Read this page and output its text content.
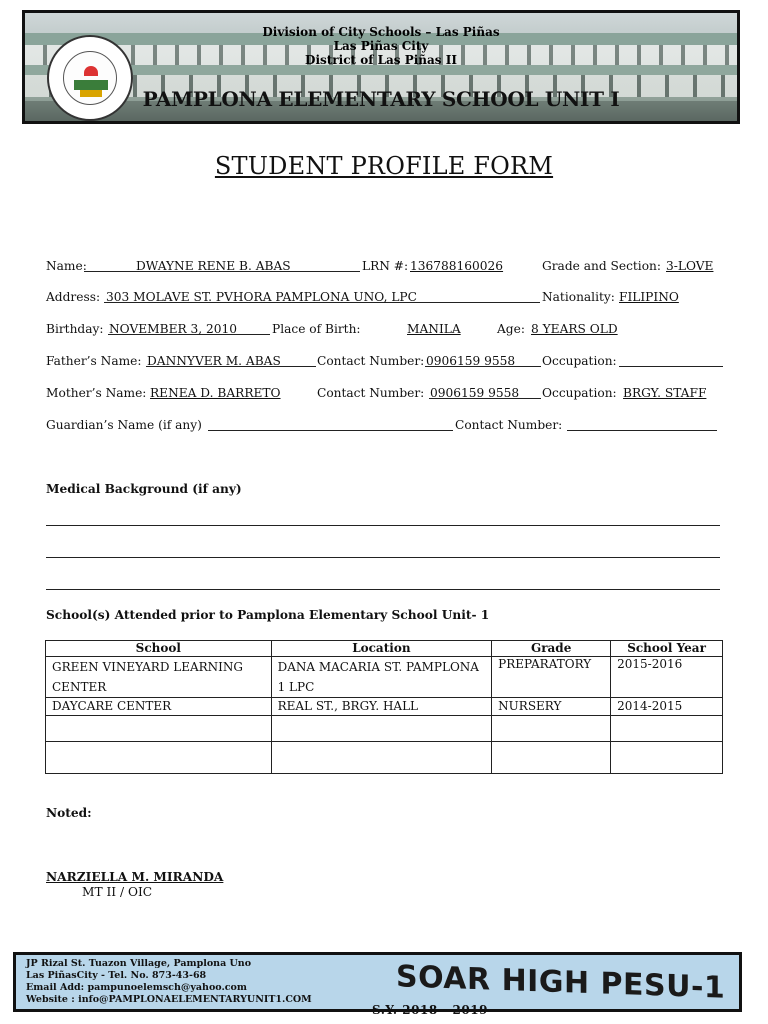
Division of City Schools – Las Piñas
Las Piñas City
District of Las Piñas II
PAMPLONA ELEMENTARY SCHOOL UNIT I
STUDENT PROFILE FORM
Name:	DWAYNE RENE B. ABAS	LRN #: 136788160026	Grade and Section: 3-LOVE
Address: 303 MOLAVE ST. PVHORA PAMPLONA UNO, LPC	Nationality: FILIPINO
Birthday: NOVEMBER 3, 2010	Place of Birth:	MANILA	Age: 8 YEARS OLD
Father’s Name: DANNYVER M. ABAS	Contact Number: 0906159 9558 Occupation:
Mother’s Name: RENEA D. BARRETO	Contact Number: 0906159 9558 Occupation: BRGY. STAFF
Guardian’s Name (if any)	Contact Number:
Medical Background (if any)
School(s) Attended prior to Pamplona Elementary School Unit- 1
School	Location	Grade	School Year
GREEN VINEYARD LEARNING CENTER	DANA MACARIA ST. PAMPLONA 1 LPC	PREPARATORY	2015-2016
DAYCARE CENTER	REAL ST., BRGY. HALL	NURSERY	2014-2015

Noted:
NARZIELLA M. MIRANDA
MT II / OIC
JP Rizal St. Tuazon Village, Pamplona Uno
Las PiñasCity - Tel. No. 873-43-68
Email Add: pampunoelemsch@yahoo.com
Website : info@PAMPLONAELEMENTARYUNIT1.COM	SOAR HIGH PESU-1
S.Y. 2018 - 2019
